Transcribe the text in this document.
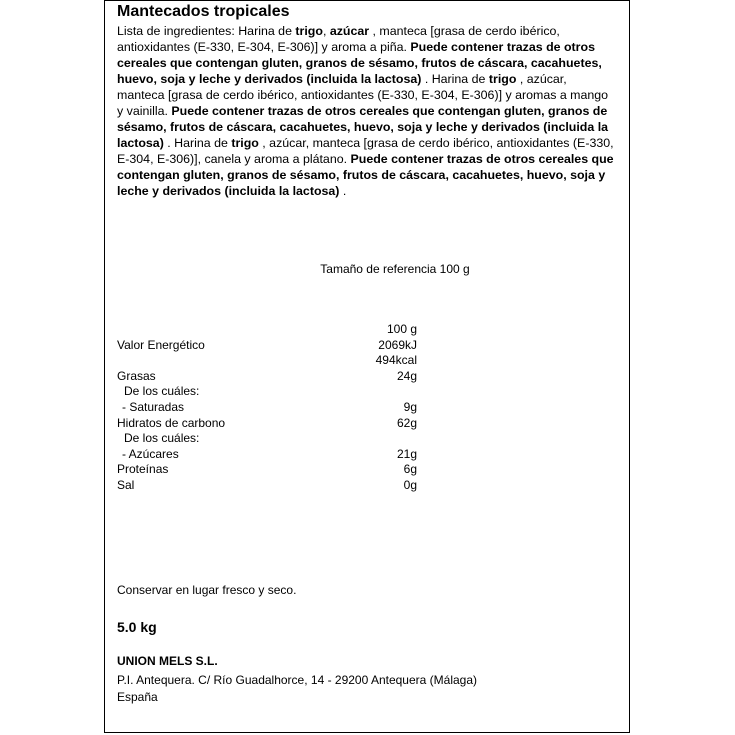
Mantecados tropicales

Lista de ingredientes: Harina de trigo, azúcar , manteca [grasa de cerdo ibérico, antioxidantes (E-330, E-304, E-306)] y aroma a piña. Puede contener trazas de otros cereales que contengan gluten, granos de sésamo, frutos de cáscara, cacahuetes, huevo, soja y leche y derivados (incluida la lactosa) . Harina de trigo , azúcar, manteca [grasa de cerdo ibérico, antioxidantes (E-330, E-304, E-306)] y aromas a mango y vainilla. Puede contener trazas de otros cereales que contengan gluten, granos de sésamo, frutos de cáscara, cacahuetes, huevo, soja y leche y derivados (incluida la lactosa) . Harina de trigo , azúcar, manteca [grasa de cerdo ibérico, antioxidantes (E-330, E-304, E-306)], canela y aroma a plátano. Puede contener trazas de otros cereales que contengan gluten, granos de sésamo, frutos de cáscara, cacahuetes, huevo, soja y leche y derivados (incluida la lactosa) .

Tamaño de referencia 100 g
100 g
Valor Energético	2069kJ
494kcal
Grasas	24g
De los cuáles:
- Saturadas	9g
Hidratos de carbono	62g
De los cuáles:
- Azúcares	21g
Proteínas	6g
Sal	0g

Conservar en lugar fresco y seco.

5.0 kg

UNION MELS S.L.

P.I. Antequera. C/ Río Guadalhorce, 14 - 29200 Antequera (Málaga)

España
